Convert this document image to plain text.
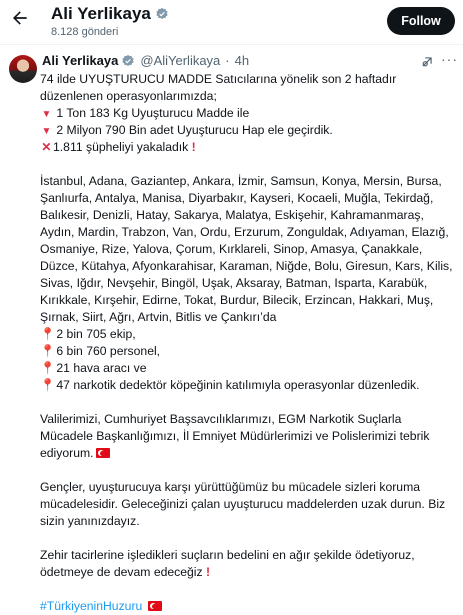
Ali Yerlikaya
8.128 gönderi
Follow
Ali Yerlikaya @AliYerlikaya · 4h	···
74 ilde UYUŞTURUCU MADDE Satıcılarına yönelik son 2 haftadır
düzenlenen operasyonlarımızda;
▼ 1 Ton 183 Kg Uyuşturucu Madde ile
▼ 2 Milyon 790 Bin adet Uyuşturucu Hap ele geçirdik.
✕1.811 şüpheliyi yakaladık !
İstanbul, Adana, Gaziantep, Ankara, İzmir, Samsun, Konya, Mersin, Bursa,
Şanlıurfa, Antalya, Manisa, Diyarbakır, Kayseri, Kocaeli, Muğla, Tekirdağ,
Balıkesir, Denizli, Hatay, Sakarya, Malatya, Eskişehir, Kahramanmaraş,
Aydın, Mardin, Trabzon, Van, Ordu, Erzurum, Zonguldak, Adıyaman, Elazığ,
Osmaniye, Rize, Yalova, Çorum, Kırklareli, Sinop, Amasya, Çanakkale,
Düzce, Kütahya, Afyonkarahisar, Karaman, Niğde, Bolu, Giresun, Kars, Kilis,
Sivas, Iğdır, Nevşehir, Bingöl, Uşak, Aksaray, Batman, Isparta, Karabük,
Kırıkkale, Kırşehir, Edirne, Tokat, Burdur, Bilecik, Erzincan, Hakkari, Muş,
Şırnak, Siirt, Ağrı, Artvin, Bitlis ve Çankırı’da
📍 2 bin 705 ekip,
📍 6 bin 760 personel,
📍 21 hava aracı ve
📍 47 narkotik dedektör köpeğinin katılımıyla operasyonlar düzenledik.
Valilerimizi, Cumhuriyet Başsavcılıklarımızı, EGM Narkotik Suçlarla
Mücadele Başkanlığımızı, İl Emniyet Müdürlerimizi ve Polislerimizi tebrik
ediyorum.
Gençler, uyuşturucuya karşı yürüttüğümüz bu mücadele sizleri koruma
mücadelesidir. Geleceğinizi çalan uyuşturucu maddelerden uzak durun. Biz
sizin yanınızdayız.
Zehir tacirlerine işledikleri suçların bedelini en ağır şekilde ödetiyoruz,
ödetmeye de devam edeceğiz !
#TürkiyeninHuzuru
